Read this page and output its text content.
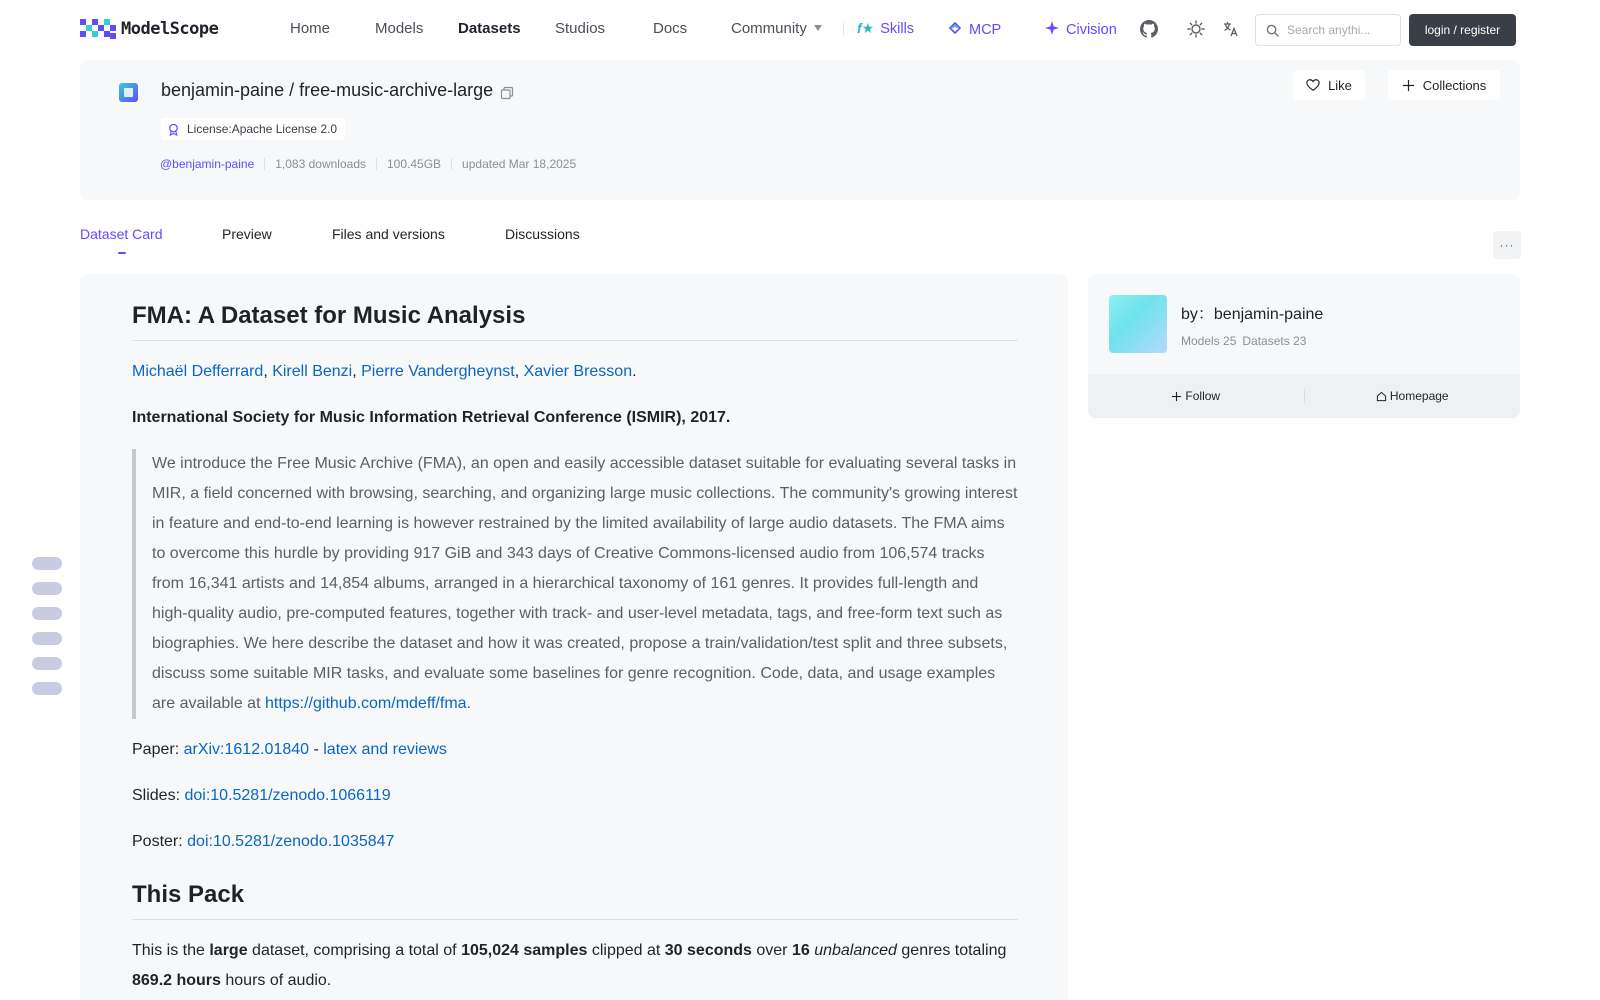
ModelScope	Home	Models Datasets Studios	Docs	Community	f★ Skills	MCP	Civision
Search anythi...	login / register
benjamin-paine / free-music-archive-large
License:Apache License 2.0
@benjamin-paine 1,083 downloads 100.45GB updated Mar 18,2025
Like	Collections
Dataset Card	Preview	Files and versions	Discussions
···
FMA: A Dataset for Music Analysis

Michaël Defferrard, Kirell Benzi, Pierre Vandergheynst, Xavier Bresson.

International Society for Music Information Retrieval Conference (ISMIR), 2017.

We introduce the Free Music Archive (FMA), an open and easily accessible dataset suitable for evaluating several tasks in MIR, a field concerned with browsing, searching, and organizing large music collections. The community's growing interest in feature and end-to-end learning is however restrained by the limited availability of large audio datasets. The FMA aims to overcome this hurdle by providing 917 GiB and 343 days of Creative Commons-licensed audio from 106,574 tracks from 16,341 artists and 14,854 albums, arranged in a hierarchical taxonomy of 161 genres. It provides full-length and high-quality audio, pre-computed features, together with track- and user-level metadata, tags, and free-form text such as biographies. We here describe the dataset and how it was created, propose a train/validation/test split and three subsets, discuss some suitable MIR tasks, and evaluate some baselines for genre recognition. Code, data, and usage examples are available at https://github.com/mdeff/fma.

Paper: arXiv:1612.01840 - latex and reviews

Slides: doi:10.5281/zenodo.1066119

Poster: doi:10.5281/zenodo.1035847

This Pack

This is the large dataset, comprising a total of 105,024 samples clipped at 30 seconds over 16 unbalanced genres totaling 869.2 hours hours of audio.

by：benjamin-paine
Models 25 Datasets 23
Follow	Homepage
